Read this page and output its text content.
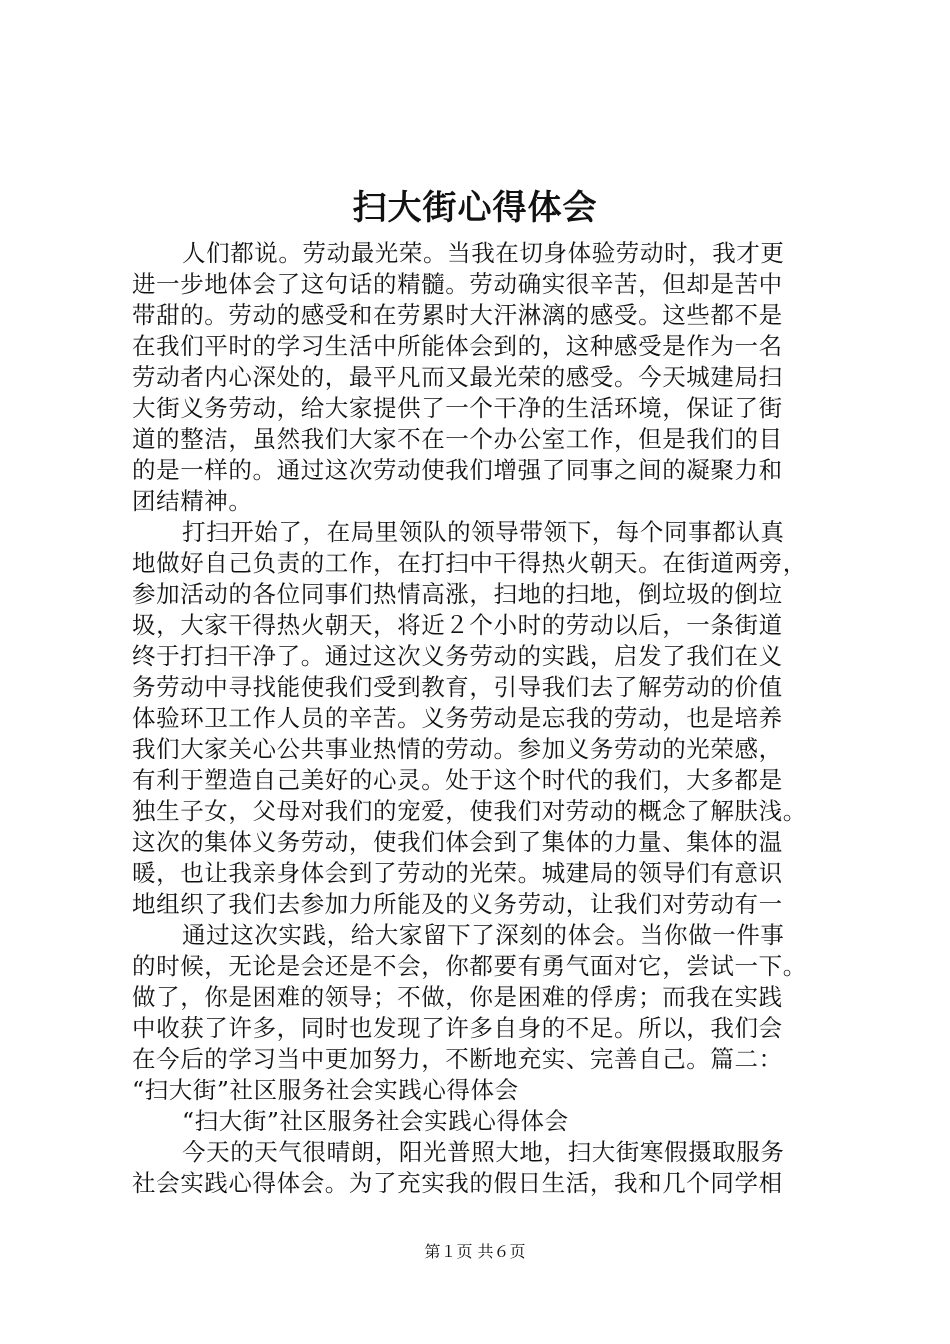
扫大街心得体会
人们都说。劳动最光荣。当我在切身体验劳动时，我才更
进一步地体会了这句话的精髓。劳动确实很辛苦，但却是苦中
带甜的。劳动的感受和在劳累时大汗淋漓的感受。这些都不是
在我们平时的学习生活中所能体会到的，这种感受是作为一名
劳动者内心深处的，最平凡而又最光荣的感受。今天城建局扫
大街义务劳动，给大家提供了一个干净的生活环境，保证了街
道的整洁，虽然我们大家不在一个办公室工作，但是我们的目
的是一样的。通过这次劳动使我们增强了同事之间的凝聚力和
团结精神。
打扫开始了，在局里领队的领导带领下，每个同事都认真
地做好自己负责的工作，在打扫中干得热火朝天。在街道两旁，
参加活动的各位同事们热情高涨，扫地的扫地，倒垃圾的倒垃
圾，大家干得热火朝天，将近２个小时的劳动以后，一条街道
终于打扫干净了。通过这次义务劳动的实践，启发了我们在义
务劳动中寻找能使我们受到教育，引导我们去了解劳动的价值
体验环卫工作人员的辛苦。义务劳动是忘我的劳动，也是培养
我们大家关心公共事业热情的劳动。参加义务劳动的光荣感，
有利于塑造自己美好的心灵。处于这个时代的我们，大多都是
独生子女，父母对我们的宠爱，使我们对劳动的概念了解肤浅。
这次的集体义务劳动，使我们体会到了集体的力量、集体的温
暖，也让我亲身体会到了劳动的光荣。城建局的领导们有意识
地组织了我们去参加力所能及的义务劳动，让我们对劳动有一
通过这次实践，给大家留下了深刻的体会。当你做一件事
的时候，无论是会还是不会，你都要有勇气面对它，尝试一下。
做了，你是困难的领导；不做，你是困难的俘虏；而我在实践
中收获了许多，同时也发现了许多自身的不足。所以，我们会
在今后的学习当中更加努力，不断地充实、完善自己。篇二：
“扫大街”社区服务社会实践心得体会
“扫大街”社区服务社会实践心得体会
今天的天气很晴朗，阳光普照大地，扫大街寒假摄取服务
社会实践心得体会。为了充实我的假日生活，我和几个同学相
第１页 共６页
